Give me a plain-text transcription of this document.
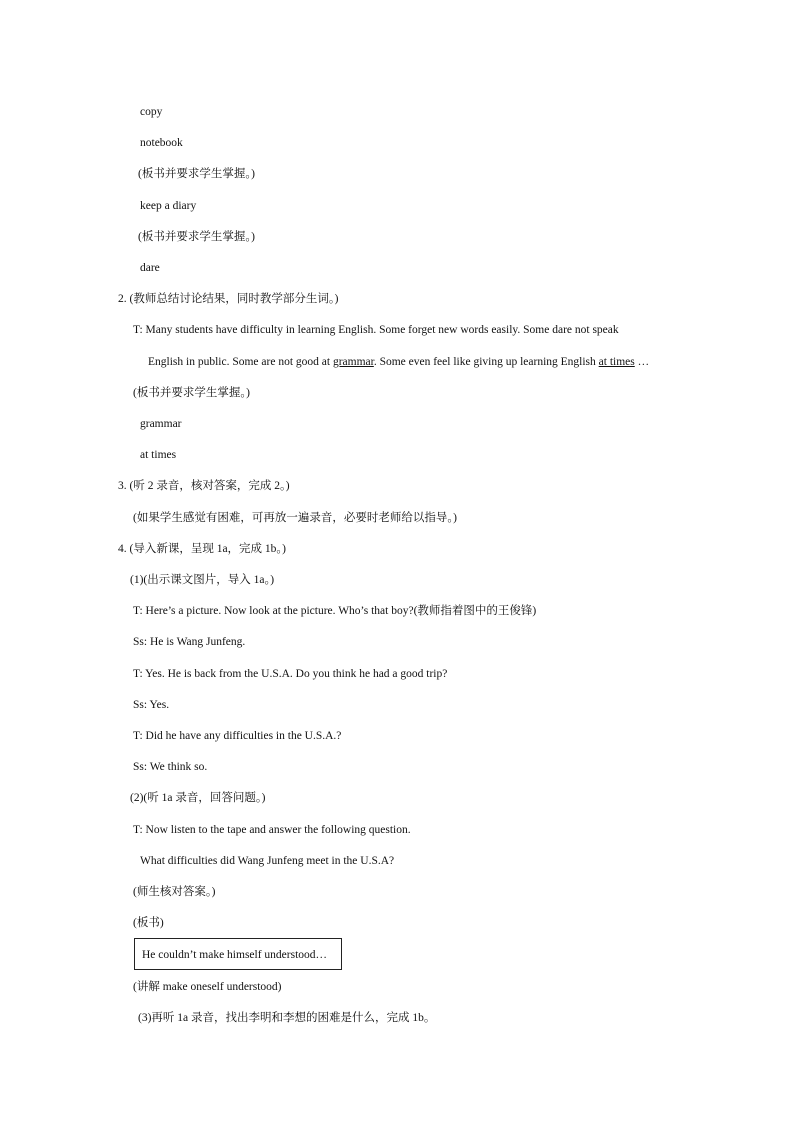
copy
notebook
(板书并要求学生掌握。)
keep a diary
(板书并要求学生掌握。)
dare
2. (教师总结讨论结果，同时教学部分生词。)
T: Many students have difficulty in learning English. Some forget new words easily. Some dare not speak
English in public. Some are not good at grammar. Some even feel like giving up learning English at times …
(板书并要求学生掌握。)
grammar
at times
3. (听 2 录音，核对答案，完成 2。)
(如果学生感觉有困难，可再放一遍录音，必要时老师给以指导。)
4. (导入新课，呈现 1a，完成 1b。)
(1)(出示课文图片，导入 1a。)
T: Here’s a picture. Now look at the picture. Who’s that boy?(教师指着图中的王俊锋)
Ss: He is Wang Junfeng.
T: Yes. He is back from the U.S.A. Do you think he had a good trip?
Ss: Yes.
T: Did he have any difficulties in the U.S.A.?
Ss: We think so.
(2)(听 1a 录音，回答问题。)
T: Now listen to the tape and answer the following question.
What difficulties did Wang Junfeng meet in the U.S.A?
(师生核对答案。)
(板书)
He couldn’t make himself understood…
(讲解 make oneself understood)
(3)再听 1a 录音，找出李明和李想的困难是什么，完成 1b。
